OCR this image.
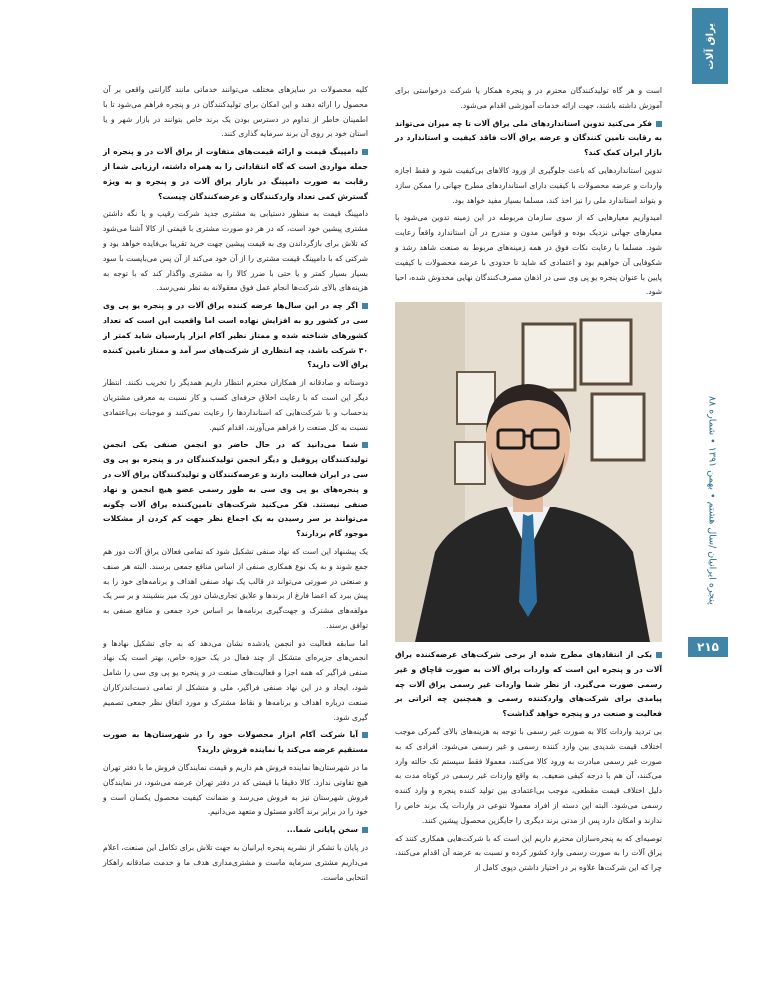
یراق آلات
پنجره ایرانیان /سال هشتم • بهمن ۱۳۹۱ • شماره ۸۸
۲۱۵

است و هر گاه تولیدکنندگان محترم در و پنجره همکار یا شرکت درخواستی برای آموزش داشته باشند، جهت ارائه خدمات آموزشی اقدام می‌شود.

فکر می‌کنید تدوین استانداردهای ملی یراق آلات تا چه میزان می‌تواند به رقابت تامین کنندگان و عرضه یراق آلات فاقد کیفیت و استاندارد در بازار ایران کمک کند؟

تدوین استانداردهایی که باعث جلوگیری از ورود کالاهای بی‌کیفیت شود و فقط اجازه واردات و عرضه محصولات با کیفیت دارای استانداردهای مطرح جهانی را ممکن سازد و بتواند استاندارد ملی را نیز اخذ کند، مسلما بسیار مفید خواهد بود.

امیدواریم معیارهایی که از سوی سازمان مربوطه در این زمینه تدوین می‌شود با معیارهای جهانی نزدیک بوده و قوانین مدون و مندرج در آن استاندارد واقعاً رعایت شود. مسلما با رعایت نکات فوق در همه زمینه‌های مربوط به صنعت شاهد رشد و شکوفایی آن خواهیم بود و اعتمادی که شاید تا حدودی با عرضه محصولات با کیفیت پایین با عنوان پنجره یو پی وی سی در اذهان مصرف‌کنندگان نهایی مخدوش شده، احیا شود.

یکی از انتقادهای مطرح شده از برخی شرکت‌های عرضه‌کننده یراق آلات در و پنجره این است که واردات یراق آلات به صورت قاچاق و غیر رسمی صورت می‌گیرد. از نظر شما واردات غیر رسمی یراق آلات چه پیامدی برای شرکت‌های واردکننده رسمی و همچنین چه اثراتی بر فعالیت و صنعت در و پنجره خواهد گذاشت؟

بی تردید واردات کالا به صورت غیر رسمی با توجه به هزینه‌های بالای گمرکی موجب اختلاف قیمت شدیدی بین وارد کننده رسمی و غیر رسمی می‌شود. افرادی که به صورت غیر رسمی مبادرت به ورود کالا می‌کنند، معمولا فقط سیستم تک حالته وارد می‌کنند، آن هم با درجه کیفی ضعیف. به واقع واردات غیر رسمی در کوتاه مدت به دلیل اختلاف قیمت مقطعی، موجب بی‌اعتمادی بین تولید کننده پنجره و وارد کننده رسمی می‌شود. البته این دسته از افراد معمولا تنوعی در واردات یک برند خاص را ندارند و امکان دارد پس از مدتی برند دیگری را جایگزین محصول پیشین کنند.

توصیه‌ای که به پنجره‌سازان محترم داریم این است که با شرکت‌هایی همکاری کنند که یراق آلات را به صورت رسمی وارد کشور کرده و نسبت به عرضه آن اقدام می‌کنند، چرا که این شرکت‌ها علاوه بر در اختیار داشتن دپوی کامل از

کلیه محصولات در سایزهای مختلف می‌توانند خدماتی مانند گارانتی واقعی بر آن محصول را ارائه دهند و این امکان برای تولیدکنندگان در و پنجره فراهم می‌شود تا با اطمینان خاطر از تداوم در دسترس بودن یک برند خاص بتوانند در بازار شهر و یا استان خود بر روی آن برند سرمایه گذاری کنند.

دامپینگ قیمت و ارائه قیمت‌های متفاوت از یراق آلات در و پنجره از جمله مواردی است که گاه انتقاداتی را به همراه داشته، ارزیابی شما از رقابت به صورت دامپینگ در بازار یراق آلات در و پنجره و به ویژه گسترش کمی تعداد واردکنندگان و عرضه‌کنندگان چیست؟

دامپینگ قیمت به منظور دستیابی به مشتری جدید شرکت رقیب و یا نگه داشتن مشتری پیشین خود است، که در هر دو صورت مشتری با قیمتی از کالا آشنا می‌شود که تلاش برای بازگرداندن وی به قیمت پیشین جهت خرید تقریبا بی‌فایده خواهد بود و شرکتی که با دامپینگ قیمت مشتری را از آن خود می‌کند از آن پس می‌بایست با سود بسیار بسیار کمتر و یا حتی با ضرر کالا را به مشتری واگذار کند که با توجه به هزینه‌های بالای شرکت‌ها انجام عمل فوق معقولانه به نظر نمی‌رسد.

اگر چه در این سال‌ها عرضه کننده یراق آلات در و پنجره یو پی وی سی در کشور رو به افزایش نهاده است اما واقعیت این است که تعداد کشورهای شناخته شده و ممتاز نظیر آکام ابزار پارسیان شاید کمتر از ۳۰ شرکت باشد، چه انتظاری از شرکت‌های سر آمد و ممتاز تامین کننده یراق آلات دارید؟

دوستانه و صادقانه از همکاران محترم انتظار داریم همدیگر را تخریب نکنند. انتظار دیگر این است که با رعایت اخلاق حرفه‌ای کسب و کار نسبت به معرفی مشتریان بدحساب و با شرکت‌هایی که استانداردها را رعایت نمی‌کنند و موجبات بی‌اعتمادی نسبت به کل صنعت را فراهم می‌آورند، اقدام کنیم.

شما می‌دانید که در حال حاضر دو انجمن صنفی یکی انجمن تولیدکنندگان پروفیل و دیگر انجمن تولیدکنندگان در و پنجره یو پی وی سی در ایران فعالیت دارند و عرضه‌کنندگان و تولیدکنندگان یراق آلات در و پنجره‌های یو پی وی سی به طور رسمی عضو هیچ انجمن و نهاد صنفی نیستند. فکر می‌کنید شرکت‌های تامین‌کننده یراق آلات چگونه می‌توانند بر سر رسیدن به یک اجماع نظر جهت کم کردن از مشکلات موجود گام بردارند؟

یک پیشنهاد این است که نهاد صنفی تشکیل شود که تمامی فعالان یراق آلات دور هم جمع شوند و به یک نوع همکاری صنفی از اساس منافع جمعی برسند. البته هر صنف و صنعتی در صورتی می‌تواند در قالب یک نهاد صنفی اهداف و برنامه‌های خود را به پیش ببرد که اعضا فارغ از برندها و علایق تجاری‌شان دور یک میز بنشینند و بر سر یک مولفه‌های مشترک و جهت‌گیری برنامه‌ها بر اساس خرد جمعی و منافع صنفی به توافق برسند.

اما سابقه فعالیت دو انجمن یادشده نشان می‌دهد که به جای تشکیل نهادها و انجمن‌های جزیره‌ای متشکل از چند فعال در یک حوزه خاص، بهتر است یک نهاد صنفی فراگیر که همه اجزا و فعالیت‌های صنعت در و پنجره یو پی وی سی را شامل شود، ایجاد و در این نهاد صنفی فراگیر، ملی و متشکل از تمامی دست‌اندرکاران صنعت درباره اهداف و برنامه‌ها و نقاط مشترک و مورد اتفاق نظر جمعی تصمیم گیری شود.

آیا شرکت آکام ابزار محصولات خود را در شهرستان‌ها به صورت مستقیم عرضه می‌کند یا نماینده فروش دارید؟

ما در شهرستان‌ها نماینده فروش هم داریم و قیمت نمایندگان فروش ما با دفتر تهران هیچ تفاوتی ندارد. کالا دقیقا با قیمتی که در دفتر تهران عرضه می‌شود، در نمایندگان فروش شهرستان نیز به فروش می‌رسد و ضمانت کیفیت محصول یکسان است و خود را در برابر برند آکادو مسئول و متعهد می‌دانیم.

سخن پایانی شما...

در پایان با تشکر از نشریه پنجره ایرانیان به جهت تلاش برای تکامل این صنعت، اعلام می‌داریم مشتری سرمایه ماست و مشتری‌مداری هدف ما و خدمت صادقانه راهکار انتخابی ماست.
